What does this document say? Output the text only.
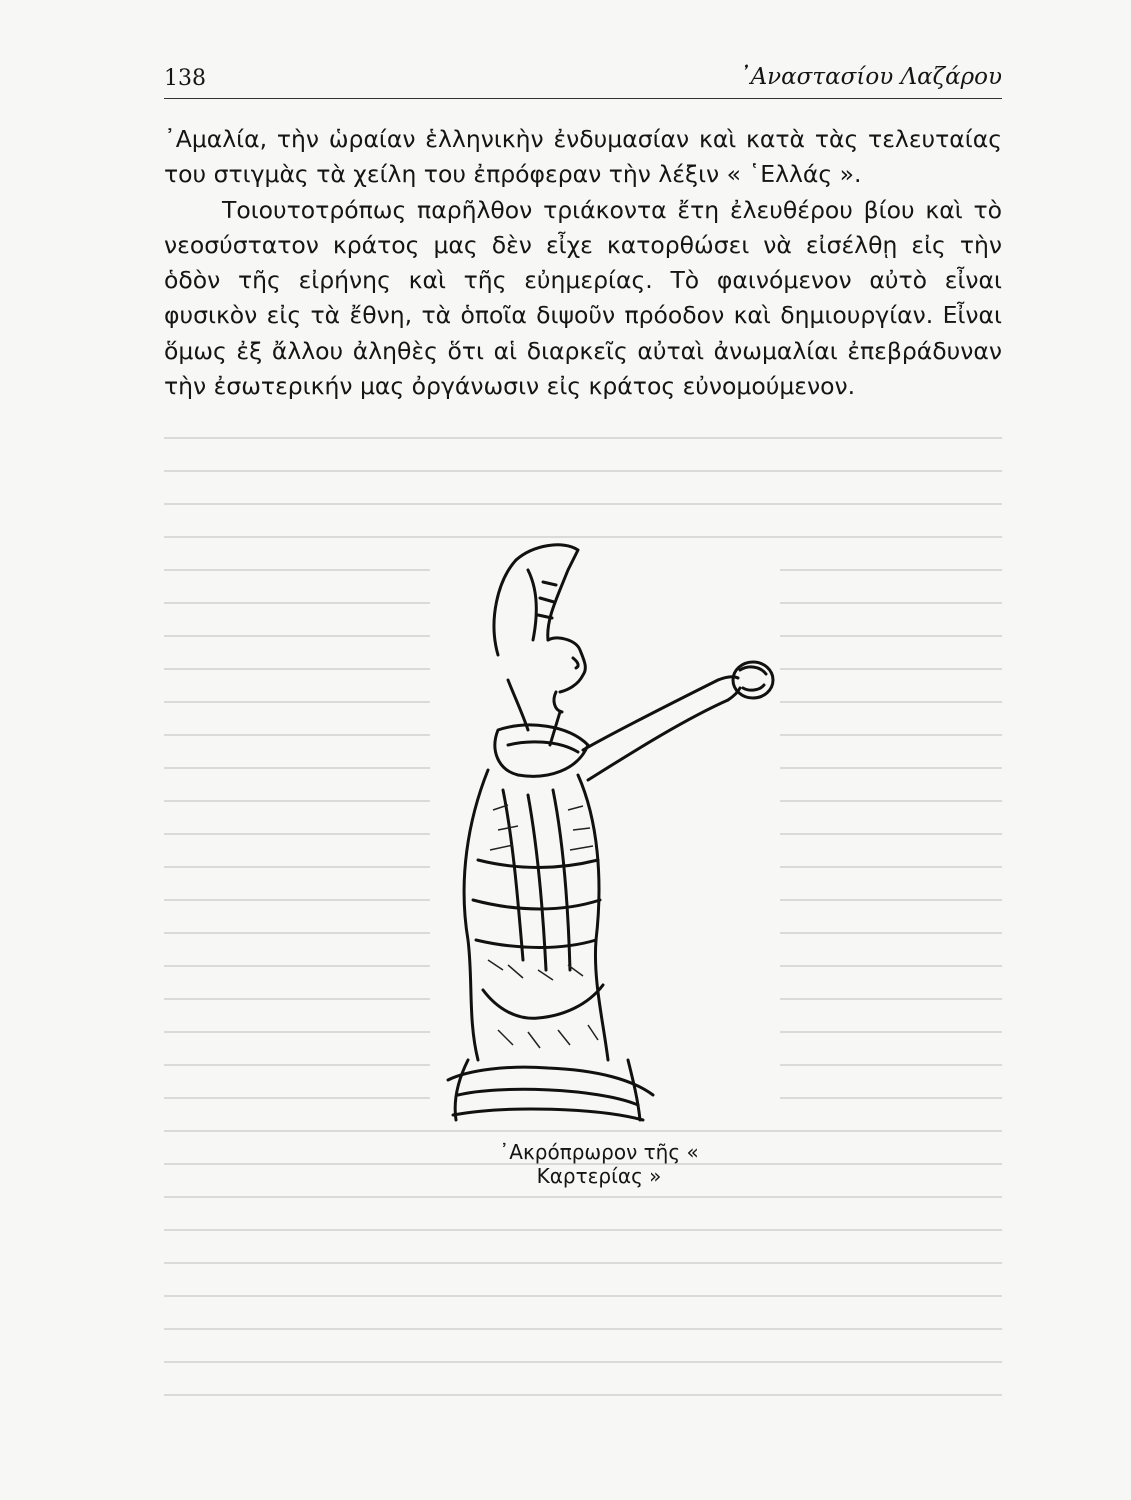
138	᾿Αναστασίου Λαζάρου

᾿Αμαλία, τὴν ὡραίαν ἑλληνικὴν ἐνδυμασίαν καὶ κατὰ τὰς τελευταίας του στιγμὰς τὰ χείλη του ἐπρόφεραν τὴν λέξιν « ῾Ελλάς ».

Τοιουτοτρόπως παρῆλθον τριάκοντα ἔτη ἐλευθέρου βίου καὶ τὸ νεοσύστατον κράτος μας δὲν εἶχε κατορθώσει νὰ εἰσέλθῃ εἰς τὴν ὁδὸν τῆς εἰρήνης καὶ τῆς εὐημερίας. Τὸ φαινόμενον αὐτὸ εἶναι φυσικὸν εἰς τὰ ἔθνη, τὰ ὁποῖα διψοῦν πρόοδον καὶ δημιουργίαν. Εἶναι ὅμως ἐξ ἄλλου ἀληθὲς ὅτι αἱ διαρκεῖς αὐταὶ ἀνωμαλίαι ἐπεβράδυναν τὴν ἐσωτερικήν μας ὀργάνωσιν εἰς κράτος εὐνομούμενον.

᾿Ακρόπρωρον τῆς « Καρτερίας »
